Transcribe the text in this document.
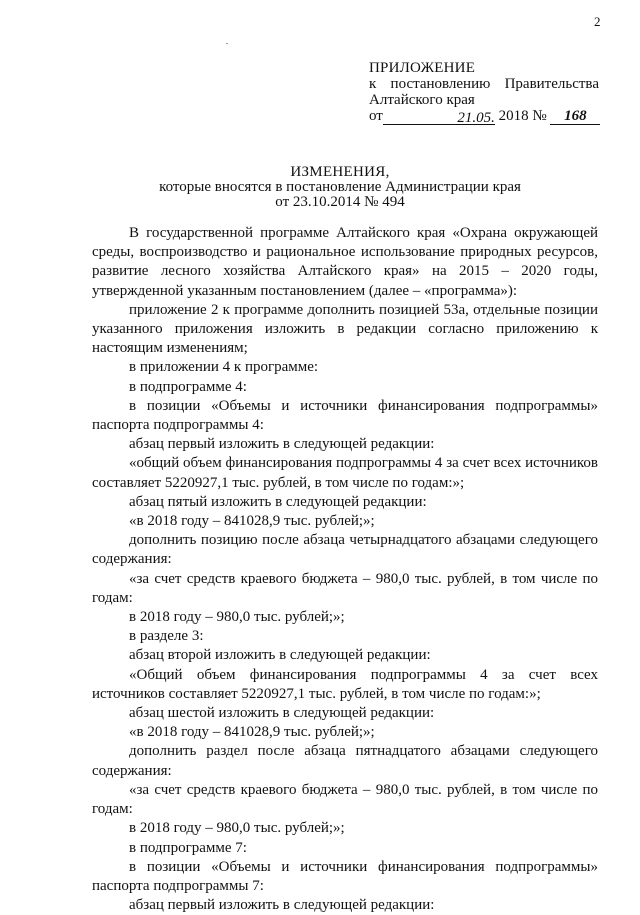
2
ПРИЛОЖЕНИЕ
к постановлению Правительства
Алтайского края
от	21.05. 2018 № 168
ИЗМЕНЕНИЯ,
которые вносятся в постановление Администрации края
от 23.10.2014 № 494

В государственной программе Алтайского края «Охрана окружающей среды, воспроизводство и рациональное использование природных ресурсов, развитие лесного хозяйства Алтайского края» на 2015 – 2020 годы, утвержденной указанным постановлением (далее – «программа»):

приложение 2 к программе дополнить позицией 53а, отдельные позиции указанного приложения изложить в редакции согласно приложению к настоящим изменениям;

в приложении 4 к программе:

в подпрограмме 4:

в позиции «Объемы и источники финансирования подпрограммы» паспорта подпрограммы 4:

абзац первый изложить в следующей редакции:

«общий объем финансирования подпрограммы 4 за счет всех источников составляет 5220927,1 тыс. рублей, в том числе по годам:»;

абзац пятый изложить в следующей редакции:

«в 2018 году – 841028,9 тыс. рублей;»;

дополнить позицию после абзаца четырнадцатого абзацами следующего содержания:

«за счет средств краевого бюджета – 980,0 тыс. рублей, в том числе по годам:

в 2018 году – 980,0 тыс. рублей;»;

в разделе 3:

абзац второй изложить в следующей редакции:

«Общий объем финансирования подпрограммы 4 за счет всех источников составляет 5220927,1 тыс. рублей, в том числе по годам:»;

абзац шестой изложить в следующей редакции:

«в 2018 году – 841028,9 тыс. рублей;»;

дополнить раздел после абзаца пятнадцатого абзацами следующего содержания:

«за счет средств краевого бюджета – 980,0 тыс. рублей, в том числе по годам:

в 2018 году – 980,0 тыс. рублей;»;

в подпрограмме 7:

в позиции «Объемы и источники финансирования подпрограммы» паспорта подпрограммы 7:

абзац первый изложить в следующей редакции:
